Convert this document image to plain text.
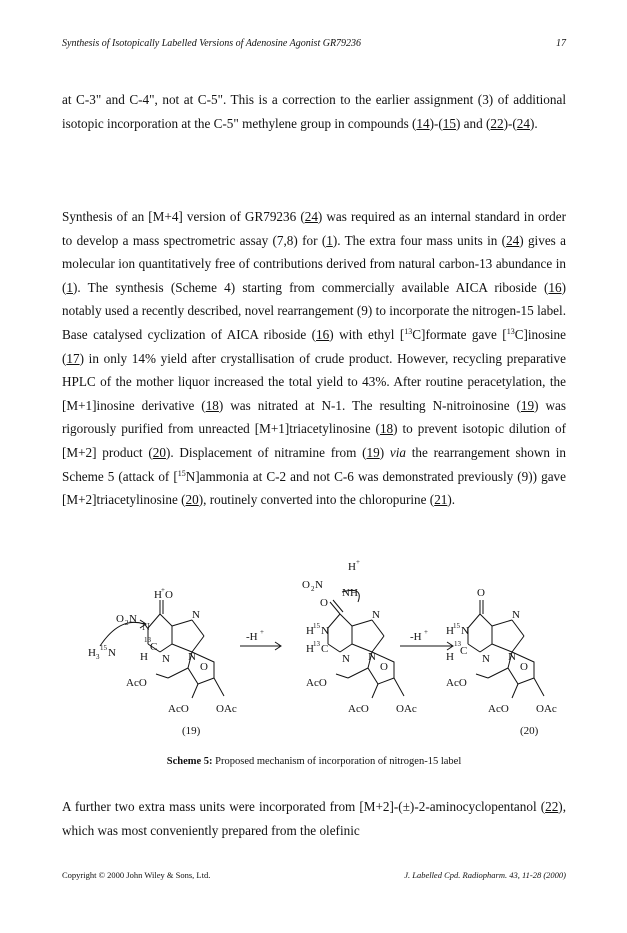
Synthesis of Isotopically Labelled Versions of Adenosine Agonist GR79236	17

at C-3" and C-4", not at C-5". This is a correction to the earlier assignment (3) of additional isotopic incorporation at the C-5" methylene group in compounds (14)-(15) and (22)-(24).

Synthesis of an [M+4] version of GR79236 (24) was required as an internal standard in order to develop a mass spectrometric assay (7,8) for (1). The extra four mass units in (24) gives a molecular ion quantitatively free of contributions derived from natural carbon-13 abundance in (1). The synthesis (Scheme 4) starting from commercially available AICA riboside (16) notably used a recently described, novel rearrangement (9) to incorporate the nitrogen-15 label. Base catalysed cyclization of AICA riboside (16) with ethyl [$^{13}$C]formate gave [$^{13}$C]inosine (17) in only 14% yield after crystallisation of crude product. However, recycling preparative HPLC of the mother liquor increased the total yield to 43%. After routine peracetylation, the [M+1]inosine derivative (18) was nitrated at N-1. The resulting N-nitroinosine (19) was rigorously purified from unreacted [M+1]triacetylinosine (18) to prevent isotopic dilution of [M+2] product (20). Displacement of nitramine from (19) via the rearrangement shown in Scheme 5 (attack of [$^{15}$N]ammonia at C-2 and not C-6 was demonstrated previously (9)) gave [M+2]triacetylinosine (20), routinely converted into the chloropurine (21).

H + O
O 2 N
N
H 3
15 N
13
C
H N
N
N
O
AcO
AcO OAc
(19)
-H +
H +
O 2 N
NH
O
H 15 N
H 13 C
N
N
N
O
AcO
AcO OAc
-H +
O
H 15 N
13
C
H	N
N
N
O
AcO
AcO OAc
(20)
Scheme 5: Proposed mechanism of incorporation of nitrogen-15 label

A further two extra mass units were incorporated from [M+2]-(±)-2-aminocyclopentanol (22), which was most conveniently prepared from the olefinic

Copyright © 2000 John Wiley & Sons, Ltd.	J. Labelled Cpd. Radiopharm. 43, 11-28 (2000)
